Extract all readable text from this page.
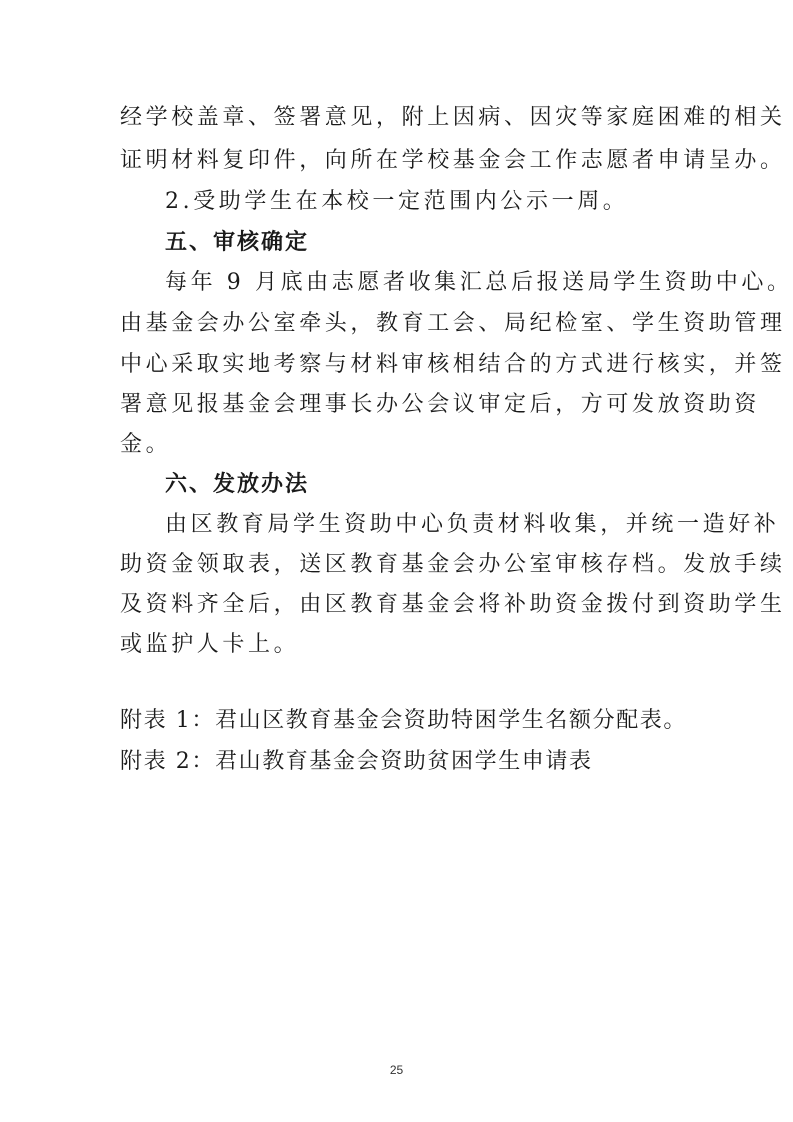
经学校盖章、签署意见，附上因病、因灾等家庭困难的相关
证明材料复印件，向所在学校基金会工作志愿者申请呈办。
2.受助学生在本校一定范围内公示一周。
五、审核确定
每年 9 月底由志愿者收集汇总后报送局学生资助中心。
由基金会办公室牵头，教育工会、局纪检室、学生资助管理
中心采取实地考察与材料审核相结合的方式进行核实，并签
署意见报基金会理事长办公会议审定后，方可发放资助资
金。
六、发放办法
由区教育局学生资助中心负责材料收集，并统一造好补
助资金领取表，送区教育基金会办公室审核存档。发放手续
及资料齐全后，由区教育基金会将补助资金拨付到资助学生
或监护人卡上。
附表 1：君山区教育基金会资助特困学生名额分配表。
附表 2：君山教育基金会资助贫困学生申请表
25
